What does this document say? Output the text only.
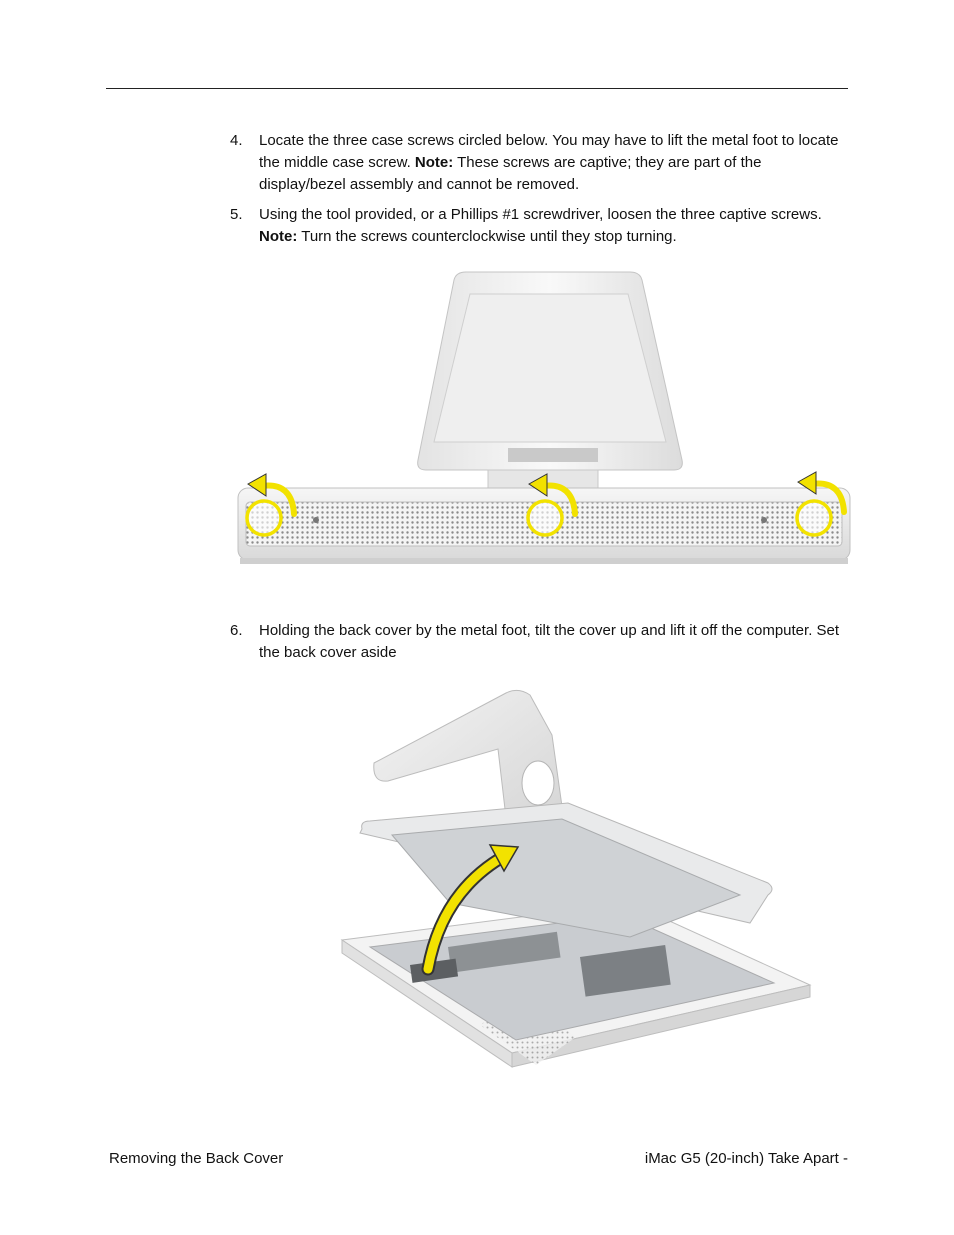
4.	Locate the three case screws circled below. You may have to lift the metal foot to locate the middle case screw. Note: These screws are captive; they are part of the display/bezel assembly and cannot be removed.
5.	Using the tool provided, or a Phillips #1 screwdriver, loosen the three captive screws. Note: Turn the screws counterclockwise until they stop turning.
6.	Holding the back cover by the metal foot, tilt the cover up and lift it off the computer. Set the back cover aside
Removing the Back Cover	iMac G5 (20-inch) Take Apart -
